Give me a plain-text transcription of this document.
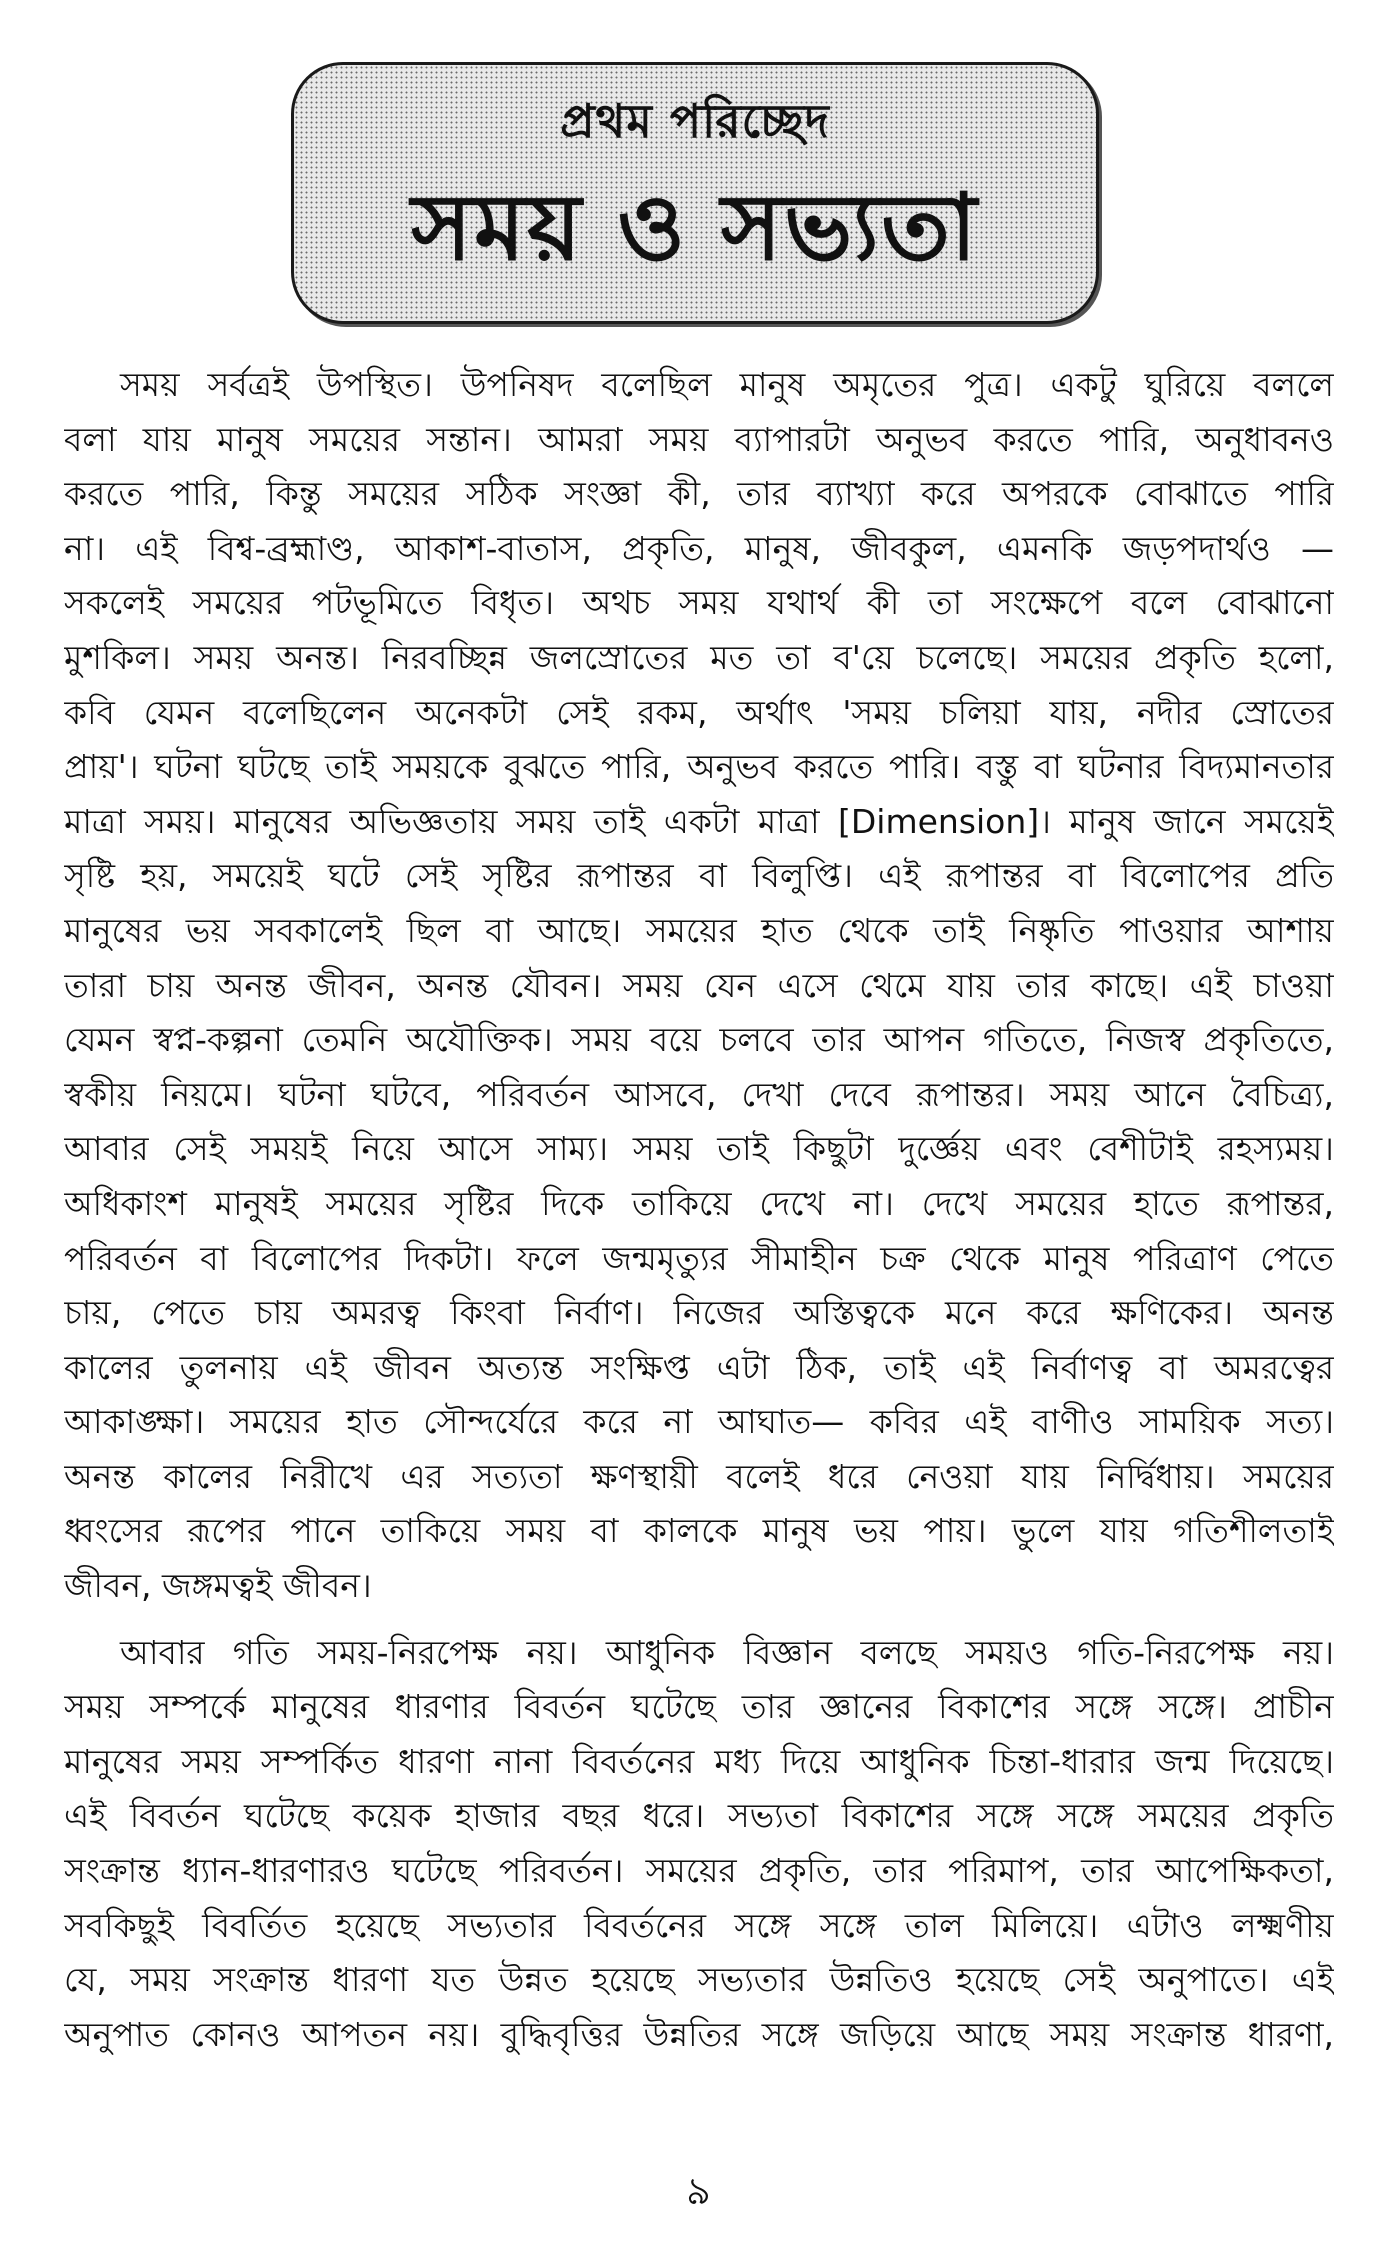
প্রথম পরিচ্ছেদ
সময় ও সভ্যতা
সময় সর্বত্রই উপস্থিত। উপনিষদ বলেছিল মানুষ অমৃতের পুত্র। একটু ঘুরিয়ে বললে
বলা যায় মানুষ সময়ের সন্তান। আমরা সময় ব্যাপারটা অনুভব করতে পারি, অনুধাবনও
করতে পারি, কিন্তু সময়ের সঠিক সংজ্ঞা কী, তার ব্যাখ্যা করে অপরকে বোঝাতে পারি
না। এই বিশ্ব-ব্রহ্মাণ্ড, আকাশ-বাতাস, প্রকৃতি, মানুষ, জীবকুল, এমনকি জড়পদার্থও —
সকলেই সময়ের পটভূমিতে বিধৃত। অথচ সময় যথার্থ কী তা সংক্ষেপে বলে বোঝানো
মুশকিল। সময় অনন্ত। নিরবচ্ছিন্ন জলস্রোতের মত তা ব'য়ে চলেছে। সময়ের প্রকৃতি হলো,
কবি যেমন বলেছিলেন অনেকটা সেই রকম, অর্থাৎ 'সময় চলিয়া যায়, নদীর স্রোতের
প্রায়'। ঘটনা ঘটছে তাই সময়কে বুঝতে পারি, অনুভব করতে পারি। বস্তু বা ঘটনার বিদ্যমানতার
মাত্রা সময়। মানুষের অভিজ্ঞতায় সময় তাই একটা মাত্রা [Dimension]। মানুষ জানে সময়েই
সৃষ্টি হয়, সময়েই ঘটে সেই সৃষ্টির রূপান্তর বা বিলুপ্তি। এই রূপান্তর বা বিলোপের প্রতি
মানুষের ভয় সবকালেই ছিল বা আছে। সময়ের হাত থেকে তাই নিষ্কৃতি পাওয়ার আশায়
তারা চায় অনন্ত জীবন, অনন্ত যৌবন। সময় যেন এসে থেমে যায় তার কাছে। এই চাওয়া
যেমন স্বপ্ন-কল্পনা তেমনি অযৌক্তিক। সময় বয়ে চলবে তার আপন গতিতে, নিজস্ব প্রকৃতিতে,
স্বকীয় নিয়মে। ঘটনা ঘটবে, পরিবর্তন আসবে, দেখা দেবে রূপান্তর। সময় আনে বৈচিত্র্য,
আবার সেই সময়ই নিয়ে আসে সাম্য। সময় তাই কিছুটা দুর্জ্ঞেয় এবং বেশীটাই রহস্যময়।
অধিকাংশ মানুষই সময়ের সৃষ্টির দিকে তাকিয়ে দেখে না। দেখে সময়ের হাতে রূপান্তর,
পরিবর্তন বা বিলোপের দিকটা। ফলে জন্মমৃত্যুর সীমাহীন চক্র থেকে মানুষ পরিত্রাণ পেতে
চায়, পেতে চায় অমরত্ব কিংবা নির্বাণ। নিজের অস্তিত্বকে মনে করে ক্ষণিকের। অনন্ত
কালের তুলনায় এই জীবন অত্যন্ত সংক্ষিপ্ত এটা ঠিক, তাই এই নির্বাণত্ব বা অমরত্বের
আকাঙ্ক্ষা। সময়ের হাত সৌন্দর্যেরে করে না আঘাত— কবির এই বাণীও সাময়িক সত্য।
অনন্ত কালের নিরীখে এর সত্যতা ক্ষণস্থায়ী বলেই ধরে নেওয়া যায় নির্দ্বিধায়। সময়ের
ধ্বংসের রূপের পানে তাকিয়ে সময় বা কালকে মানুষ ভয় পায়। ভুলে যায় গতিশীলতাই
জীবন, জঙ্গমত্বই জীবন।
আবার গতি সময়-নিরপেক্ষ নয়। আধুনিক বিজ্ঞান বলছে সময়ও গতি-নিরপেক্ষ নয়।
সময় সম্পর্কে মানুষের ধারণার বিবর্তন ঘটেছে তার জ্ঞানের বিকাশের সঙ্গে সঙ্গে। প্রাচীন
মানুষের সময় সম্পর্কিত ধারণা নানা বিবর্তনের মধ্য দিয়ে আধুনিক চিন্তা-ধারার জন্ম দিয়েছে।
এই বিবর্তন ঘটেছে কয়েক হাজার বছর ধরে। সভ্যতা বিকাশের সঙ্গে সঙ্গে সময়ের প্রকৃতি
সংক্রান্ত ধ্যান-ধারণারও ঘটেছে পরিবর্তন। সময়ের প্রকৃতি, তার পরিমাপ, তার আপেক্ষিকতা,
সবকিছুই বিবর্তিত হয়েছে সভ্যতার বিবর্তনের সঙ্গে সঙ্গে তাল মিলিয়ে। এটাও লক্ষ্মণীয়
যে, সময় সংক্রান্ত ধারণা যত উন্নত হয়েছে সভ্যতার উন্নতিও হয়েছে সেই অনুপাতে। এই
অনুপাত কোনও আপতন নয়। বুদ্ধিবৃত্তির উন্নতির সঙ্গে জড়িয়ে আছে সময় সংক্রান্ত ধারণা,
৯
